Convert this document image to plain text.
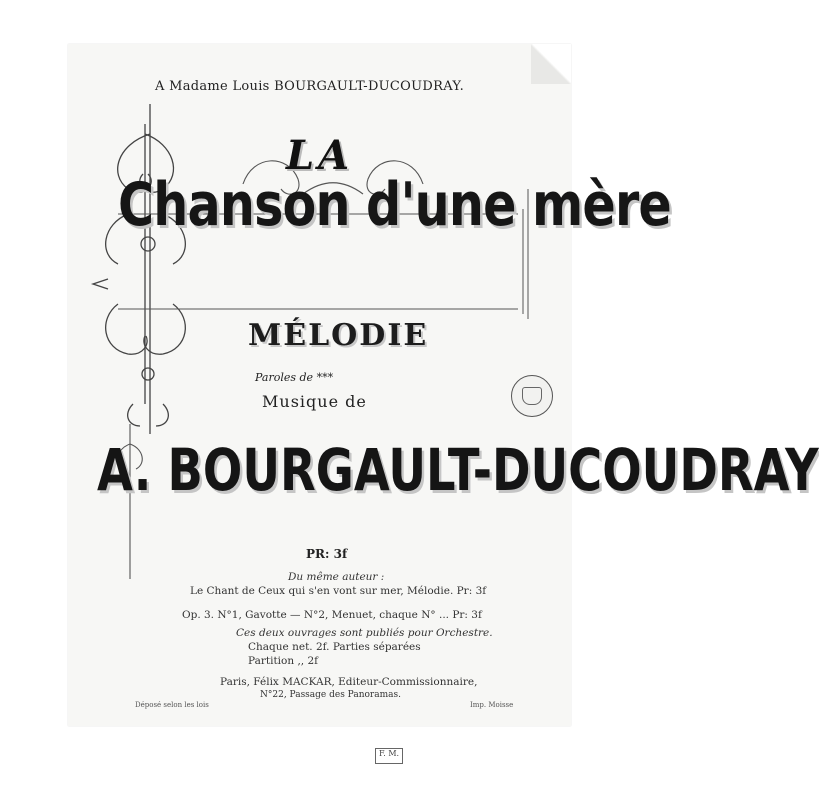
F. M.
A Madame Louis BOURGAULT-DUCOUDRAY.
LA
Chanson d'une mère
MÉLODIE
Paroles de ***
Musique de
A. BOURGAULT-DUCOUDRAY
PR: 3f
Du même auteur :
Le Chant de Ceux qui s'en vont sur mer, Mélodie. Pr: 3f
Op. 3. N°1, Gavotte — N°2, Menuet, chaque N° ... Pr: 3f
Ces deux ouvrages sont publiés pour Orchestre.
Chaque net. 2f. Parties séparées
Partition ,, 2f
Paris, Félix MACKAR, Editeur-Commissionnaire,
N°22, Passage des Panoramas.
Déposé selon les lois	Imp. Moisse
